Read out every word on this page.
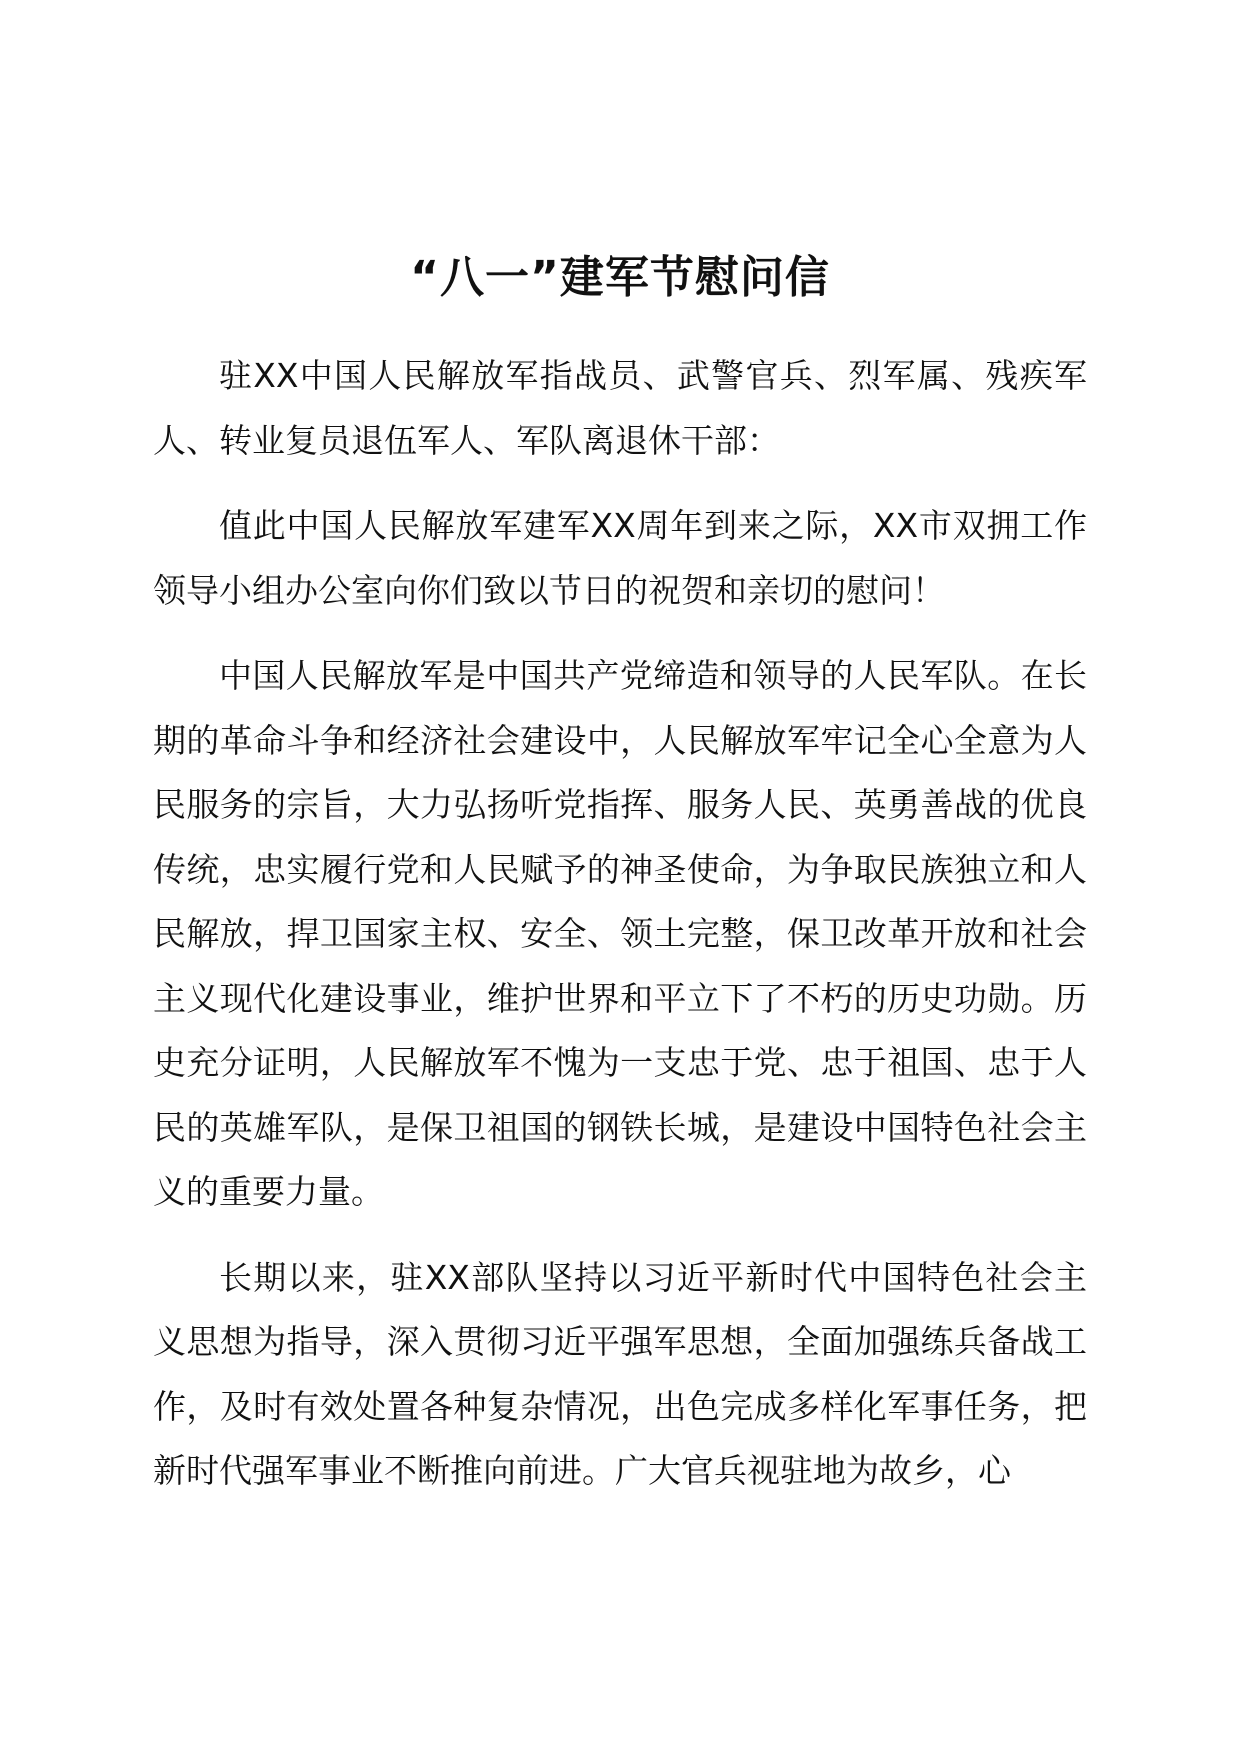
“八一”建军节慰问信

驻XX中国人民解放军指战员、武警官兵、烈军属、残疾军人、转业复员退伍军人、军队离退休干部：

值此中国人民解放军建军XX周年到来之际，XX市双拥工作领导小组办公室向你们致以节日的祝贺和亲切的慰问！

中国人民解放军是中国共产党缔造和领导的人民军队。在长期的革命斗争和经济社会建设中，人民解放军牢记全心全意为人民服务的宗旨，大力弘扬听党指挥、服务人民、英勇善战的优良传统，忠实履行党和人民赋予的神圣使命，为争取民族独立和人民解放，捍卫国家主权、安全、领土完整，保卫改革开放和社会主义现代化建设事业，维护世界和平立下了不朽的历史功勋。历史充分证明，人民解放军不愧为一支忠于党、忠于祖国、忠于人民的英雄军队，是保卫祖国的钢铁长城，是建设中国特色社会主义的重要力量。

长期以来，驻XX部队坚持以习近平新时代中国特色社会主义思想为指导，深入贯彻习近平强军思想，全面加强练兵备战工作，及时有效处置各种复杂情况，出色完成多样化军事任务，把新时代强军事业不断推向前进。广大官兵视驻地为故乡，心
